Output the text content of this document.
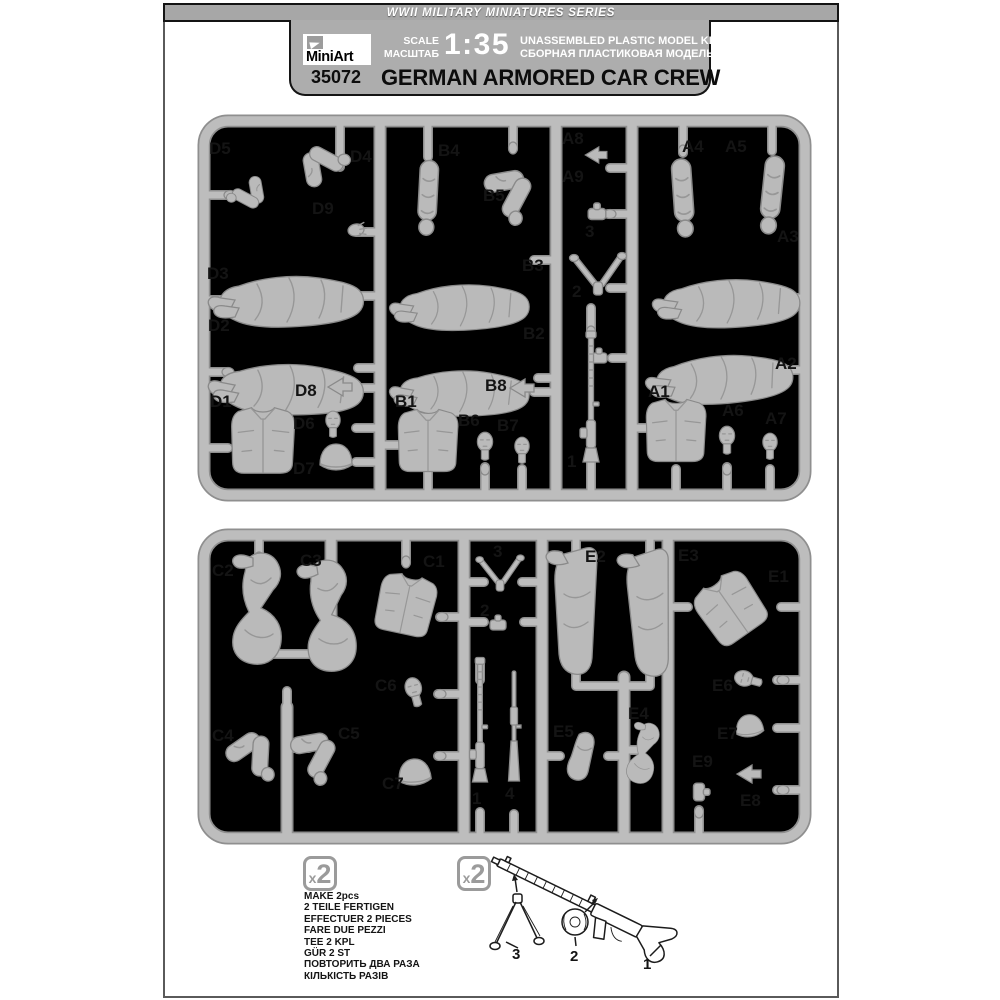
WWII MILITARY MINIATURES SERIES
MiniArt
SCALE
МАСШТАБ 1:35 UNASSEMBLED PLASTIC MODEL KIT
СБОРНАЯ ПЛАСТИКОВАЯ МОДЕЛЬ
35072 GERMAN ARMORED CAR CREW
D5	D4
D9
B4
B5
A8
A9
A4 A5
3	A3
D3	B3
2
D2	B2
A2
1
D8	B8
D1
D6
D7
B1
B6 B7
A1
A6 A7
C2
C3	C1
3
2
E2	E3
E1
C6	E6
C4	C5
E4
E5	E7
E9
C7
1 4	E8
x2
MAKE 2pcs
2 TEILE FERTIGEN
EFFECTUER 2 PIECES
FARE DUE PEZZI
TEE 2 KPL
GÜR 2 ST
ПОВТОРИТЬ ДВА РАЗА
КІЛЬКІСТЬ РАЗІВ
x2
3	2	1
